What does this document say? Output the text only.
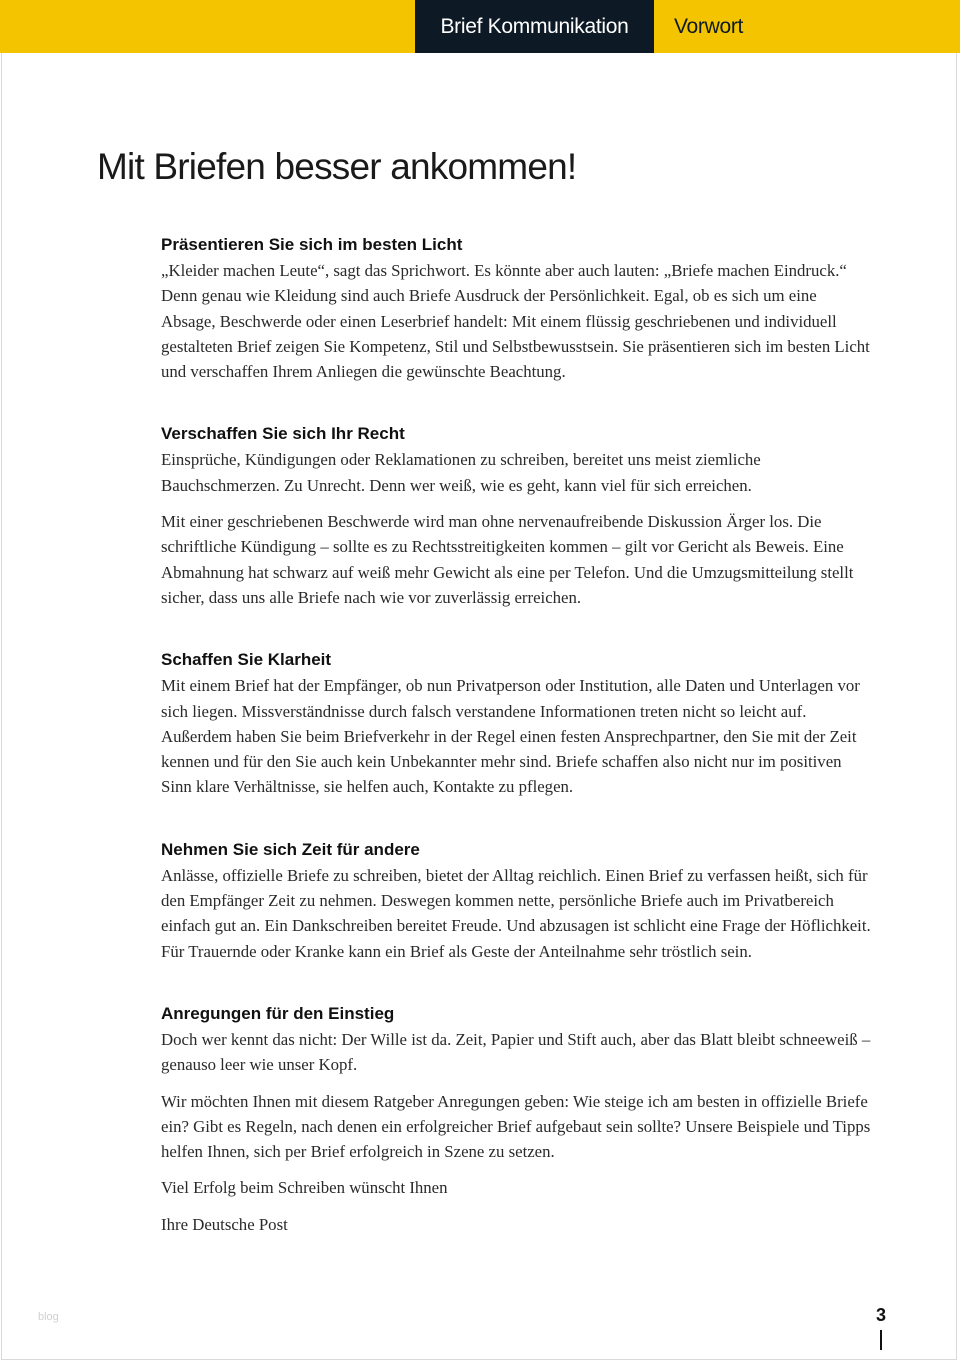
Brief Kommunikation	Vorwort
Mit Briefen besser ankommen!
Präsentieren Sie sich im besten Licht

„Kleider machen Leute“, sagt das Sprichwort. Es könnte aber auch lauten: „Briefe machen Eindruck.“ Denn genau wie Kleidung sind auch Briefe Ausdruck der Persönlichkeit. Egal, ob es sich um eine Absage, Beschwerde oder einen Leserbrief handelt: Mit einem flüssig geschriebenen und individuell gestalteten Brief zeigen Sie Kompetenz, Stil und Selbstbewusstsein. Sie präsentieren sich im besten Licht und verschaffen Ihrem Anliegen die gewünschte Beachtung.

Verschaffen Sie sich Ihr Recht

Einsprüche, Kündigungen oder Reklamationen zu schreiben, bereitet uns meist ziemliche Bauchschmerzen. Zu Unrecht. Denn wer weiß, wie es geht, kann viel für sich erreichen.

Mit einer geschriebenen Beschwerde wird man ohne nervenaufreibende Diskussion Ärger los. Die schriftliche Kündigung – sollte es zu Rechtsstreitigkeiten kommen – gilt vor Gericht als Beweis. Eine Abmahnung hat schwarz auf weiß mehr Gewicht als eine per Telefon. Und die Umzugsmitteilung stellt sicher, dass uns alle Briefe nach wie vor zuverlässig erreichen.

Schaffen Sie Klarheit

Mit einem Brief hat der Empfänger, ob nun Privatperson oder Institution, alle Daten und Unterlagen vor sich liegen. Missverständnisse durch falsch verstandene Informationen treten nicht so leicht auf. Außerdem haben Sie beim Briefverkehr in der Regel einen festen Ansprechpartner, den Sie mit der Zeit kennen und für den Sie auch kein Unbekannter mehr sind. Briefe schaffen also nicht nur im positiven Sinn klare Verhältnisse, sie helfen auch, Kontakte zu pflegen.

Nehmen Sie sich Zeit für andere

Anlässe, offizielle Briefe zu schreiben, bietet der Alltag reichlich. Einen Brief zu verfassen heißt, sich für den Empfänger Zeit zu nehmen. Deswegen kommen nette, persönliche Briefe auch im Privatbereich einfach gut an. Ein Dankschreiben bereitet Freude. Und abzusagen ist schlicht eine Frage der Höflichkeit. Für Trauernde oder Kranke kann ein Brief als Geste der Anteilnahme sehr tröstlich sein.

Anregungen für den Einstieg

Doch wer kennt das nicht: Der Wille ist da. Zeit, Papier und Stift auch, aber das Blatt bleibt schneeweiß – genauso leer wie unser Kopf.

Wir möchten Ihnen mit diesem Ratgeber Anregungen geben: Wie steige ich am besten in offizielle Briefe ein? Gibt es Regeln, nach denen ein erfolgreicher Brief aufgebaut sein sollte? Unsere Beispiele und Tipps helfen Ihnen, sich per Brief erfolgreich in Szene zu setzen.

Viel Erfolg beim Schreiben wünscht Ihnen

Ihre Deutsche Post

blog	3
